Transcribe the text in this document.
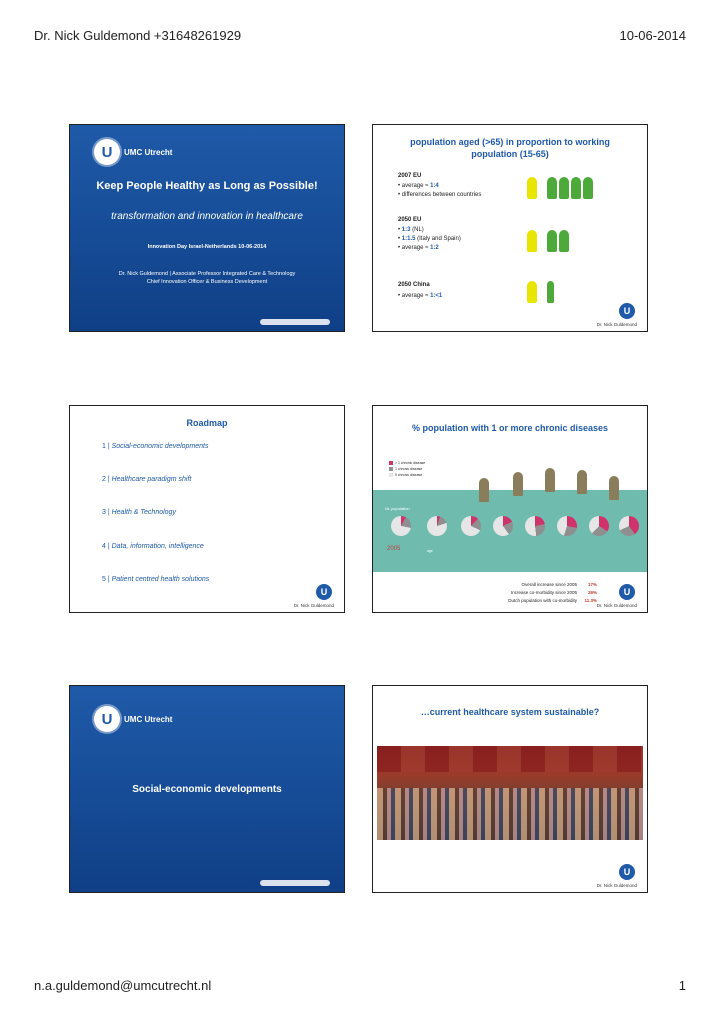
Dr. Nick Guldemond +31648261929	10-06-2014
U	UMC Utrecht
Keep People Healthy as Long as Possible!
transformation and innovation in healthcare
Innovation Day Israel-Netherlands 10-06-2014
Dr. Nick Guldemond | Associate Professor Integrated Care & Technology
Chief Innovation Officer & Business Development
population aged (>65) in proportion to working
population (15-65)
2007 EU
• average ≈ 1:4
• differences between countries
2050 EU
• 1:3 (NL)
• 1:1.5 (Italy and Spain)
• average ≈ 1:2
2050 China
• average ≈ 1:<1
U
Dr. Nick Guldemond
Roadmap
1 | Social-economic developments
2 | Healthcare paradigm shift
3 | Health & Technology
4 | Data, information, intelligence
5 | Patient centred health solutions
U
Dr. Nick Guldemond
% population with 1 or more chronic diseases
> 1 chronic disease
1 chronic disease
0 chronic disease
NL population
2005	age
Overall increase since 2005 17%
Increase co-morbidity since 2005 26%
Dutch population with co-morbidity 11.3%
U
Dr. Nick Guldemond
U	UMC Utrecht
Social-economic developments
…current healthcare system sustainable?
U
Dr. Nick Guldemond
n.a.guldemond@umcutrecht.nl	1
